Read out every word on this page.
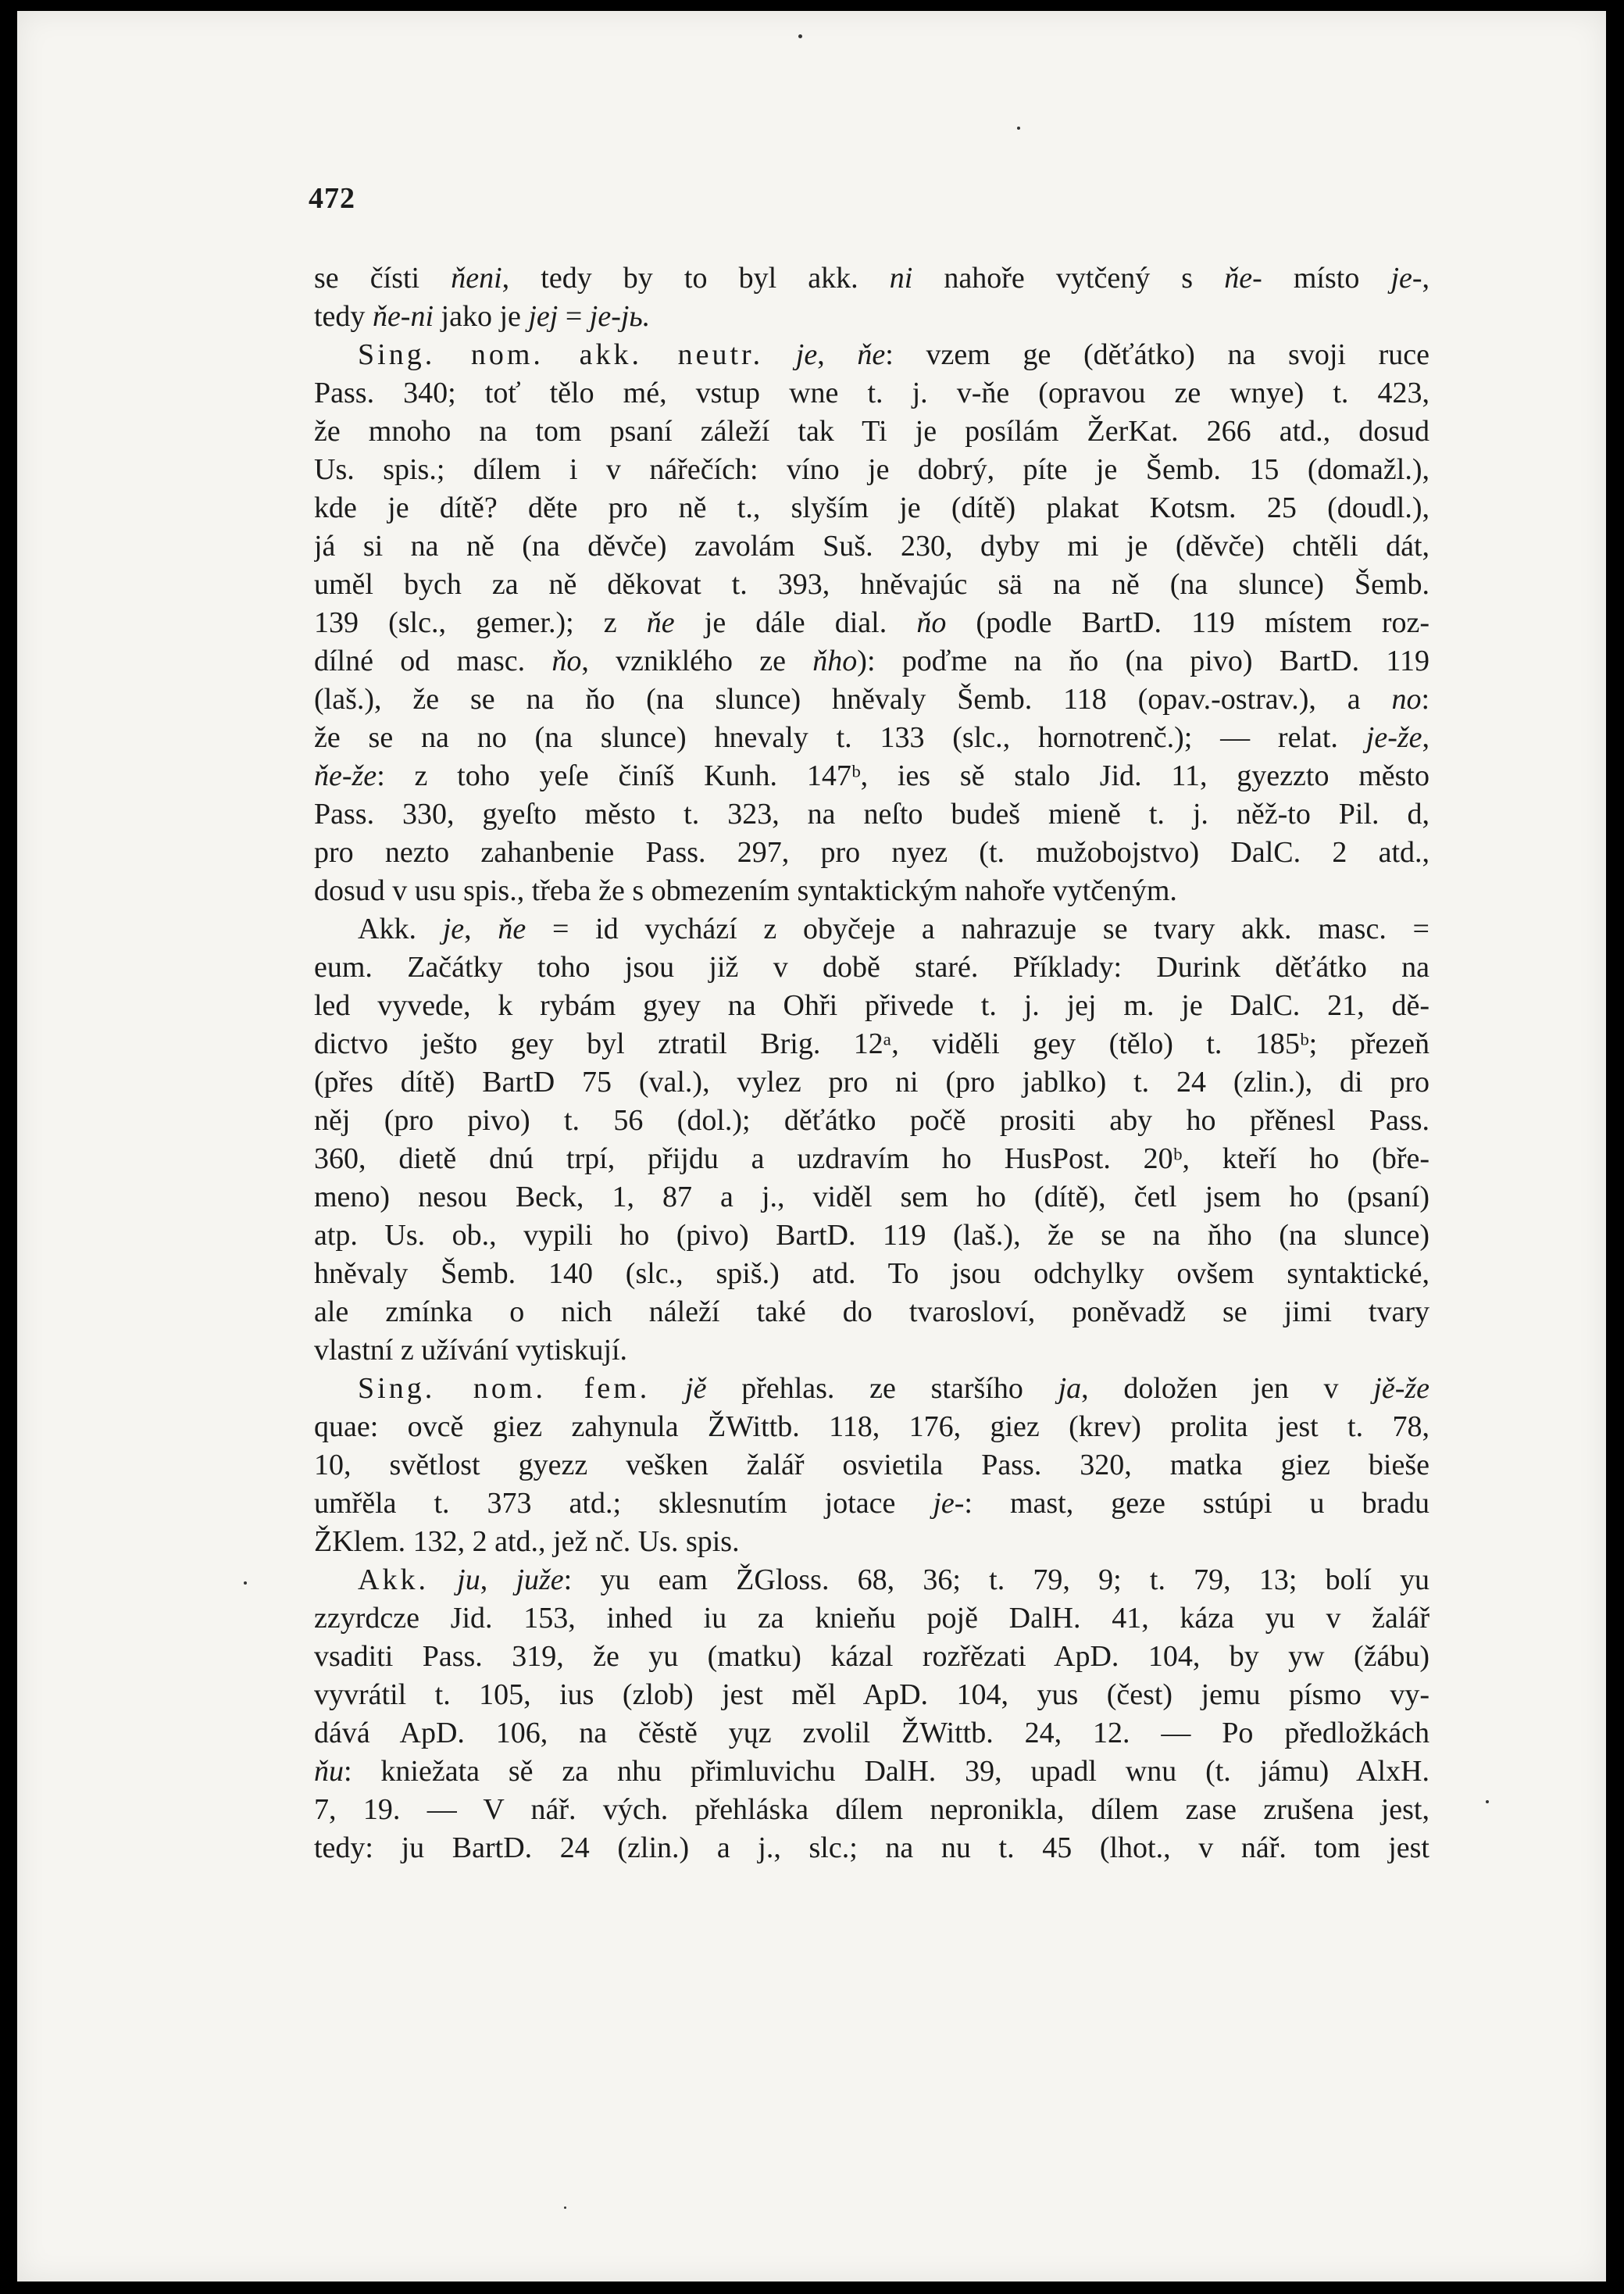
472
se čísti ňeni, tedy by to byl akk. ni nahoře vytčený s ňe- místo je-,
tedy ňe-ni jako je jej = je-jь.
Sing. nom. akk. neutr. je, ňe: vzem ge (děťátko) na svoji ruce
Pass. 340; toť tělo mé, vstup wne t. j. v-ňe (opravou ze wnye) t. 423,
že mnoho na tom psaní záleží tak Ti je posílám ŽerKat. 266 atd., dosud
Us. spis.; dílem i v nářečích: víno je dobrý, píte je Šemb. 15 (domažl.),
kde je dítě? děte pro ně t., slyším je (dítě) plakat Kotsm. 25 (doudl.),
já si na ně (na děvče) zavolám Suš. 230, dyby mi je (děvče) chtěli dát,
uměl bych za ně děkovat t. 393, hněvajúc sä na ně (na slunce) Šemb.
139 (slc., gemer.); z ňe je dále dial. ňo (podle BartD. 119 místem roz-
dílné od masc. ňo, vzniklého ze ňho): poďme na ňo (na pivo) BartD. 119
(laš.), že se na ňo (na slunce) hněvaly Šemb. 118 (opav.-ostrav.), a no:
že se na no (na slunce) hnevaly t. 133 (slc., hornotrenč.); — relat. je-že,
ňe-že: z toho yeſe činíš Kunh. 147ᵇ, ies sě stalo Jid. 11, gyezzto město
Pass. 330, gyeſto město t. 323, na neſto budeš mieně t. j. něž-to Pil. d,
pro nezto zahanbenie Pass. 297, pro nyez (t. mužobojstvo) DalC. 2 atd.,
dosud v usu spis., třeba že s obmezením syntaktickým nahoře vytčeným.
Akk. je, ňe = id vychází z obyčeje a nahrazuje se tvary akk. masc. =
eum. Začátky toho jsou již v době staré. Příklady: Durink děťátko na
led vyvede, k rybám gyey na Ohři přivede t. j. jej m. je DalC. 21, dě-
dictvo ješto gey byl ztratil Brig. 12ᵃ, viděli gey (tělo) t. 185ᵇ; přezeň
(přes dítě) BartD 75 (val.), vylez pro ni (pro jablko) t. 24 (zlin.), di pro
něj (pro pivo) t. 56 (dol.); děťátko počě prositi aby ho přěnesl Pass.
360, dietě dnú trpí, přijdu a uzdravím ho HusPost. 20ᵇ, kteří ho (bře-
meno) nesou Beck, 1, 87 a j., viděl sem ho (dítě), četl jsem ho (psaní)
atp. Us. ob., vypili ho (pivo) BartD. 119 (laš.), že se na ňho (na slunce)
hněvaly Šemb. 140 (slc., spiš.) atd. To jsou odchylky ovšem syntaktické,
ale zmínka o nich náleží také do tvarosloví, poněvadž se jimi tvary
vlastní z užívání vytiskují.
Sing. nom. fem. jě přehlas. ze staršího ja, doložen jen v jě-že
quae: ovcě giez zahynula ŽWittb. 118, 176, giez (krev) prolita jest t. 78,
10, světlost gyezz vešken žalář osvietila Pass. 320, matka giez bieše
umřěla t. 373 atd.; sklesnutím jotace je-: mast, geze sstúpi u bradu
ŽKlem. 132, 2 atd., jež nč. Us. spis.
Akk. ju, juže: yu eam ŽGloss. 68, 36; t. 79, 9; t. 79, 13; bolí yu
zzyrdcze Jid. 153, inhed iu za knieňu pojě DalH. 41, káza yu v žalář
vsaditi Pass. 319, že yu (matku) kázal rozřězati ApD. 104, by yw (žábu)
vyvrátil t. 105, ius (zlob) jest měl ApD. 104, yus (čest) jemu písmo vy-
dává ApD. 106, na čěstě yųz zvolil ŽWittb. 24, 12. — Po předložkách
ňu: kniežata sě za nhu přimluvichu DalH. 39, upadl wnu (t. jámu) AlxH.
7, 19. — V nář. vých. přehláska dílem nepronikla, dílem zase zrušena jest,
tedy: ju BartD. 24 (zlin.) a j., slc.; na nu t. 45 (lhot., v nář. tom jest
